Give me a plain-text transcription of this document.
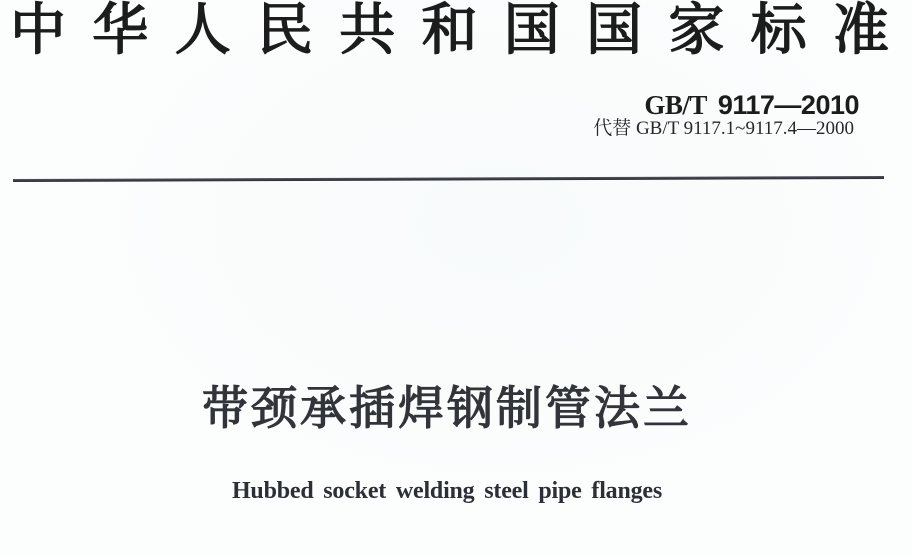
中 华 人 民 共 和 国 国 家 标 准
GB/T 9117—2010
代替 GB/T 9117.1~9117.4—2000
带颈承插焊钢制管法兰
Hubbed socket welding steel pipe flanges
